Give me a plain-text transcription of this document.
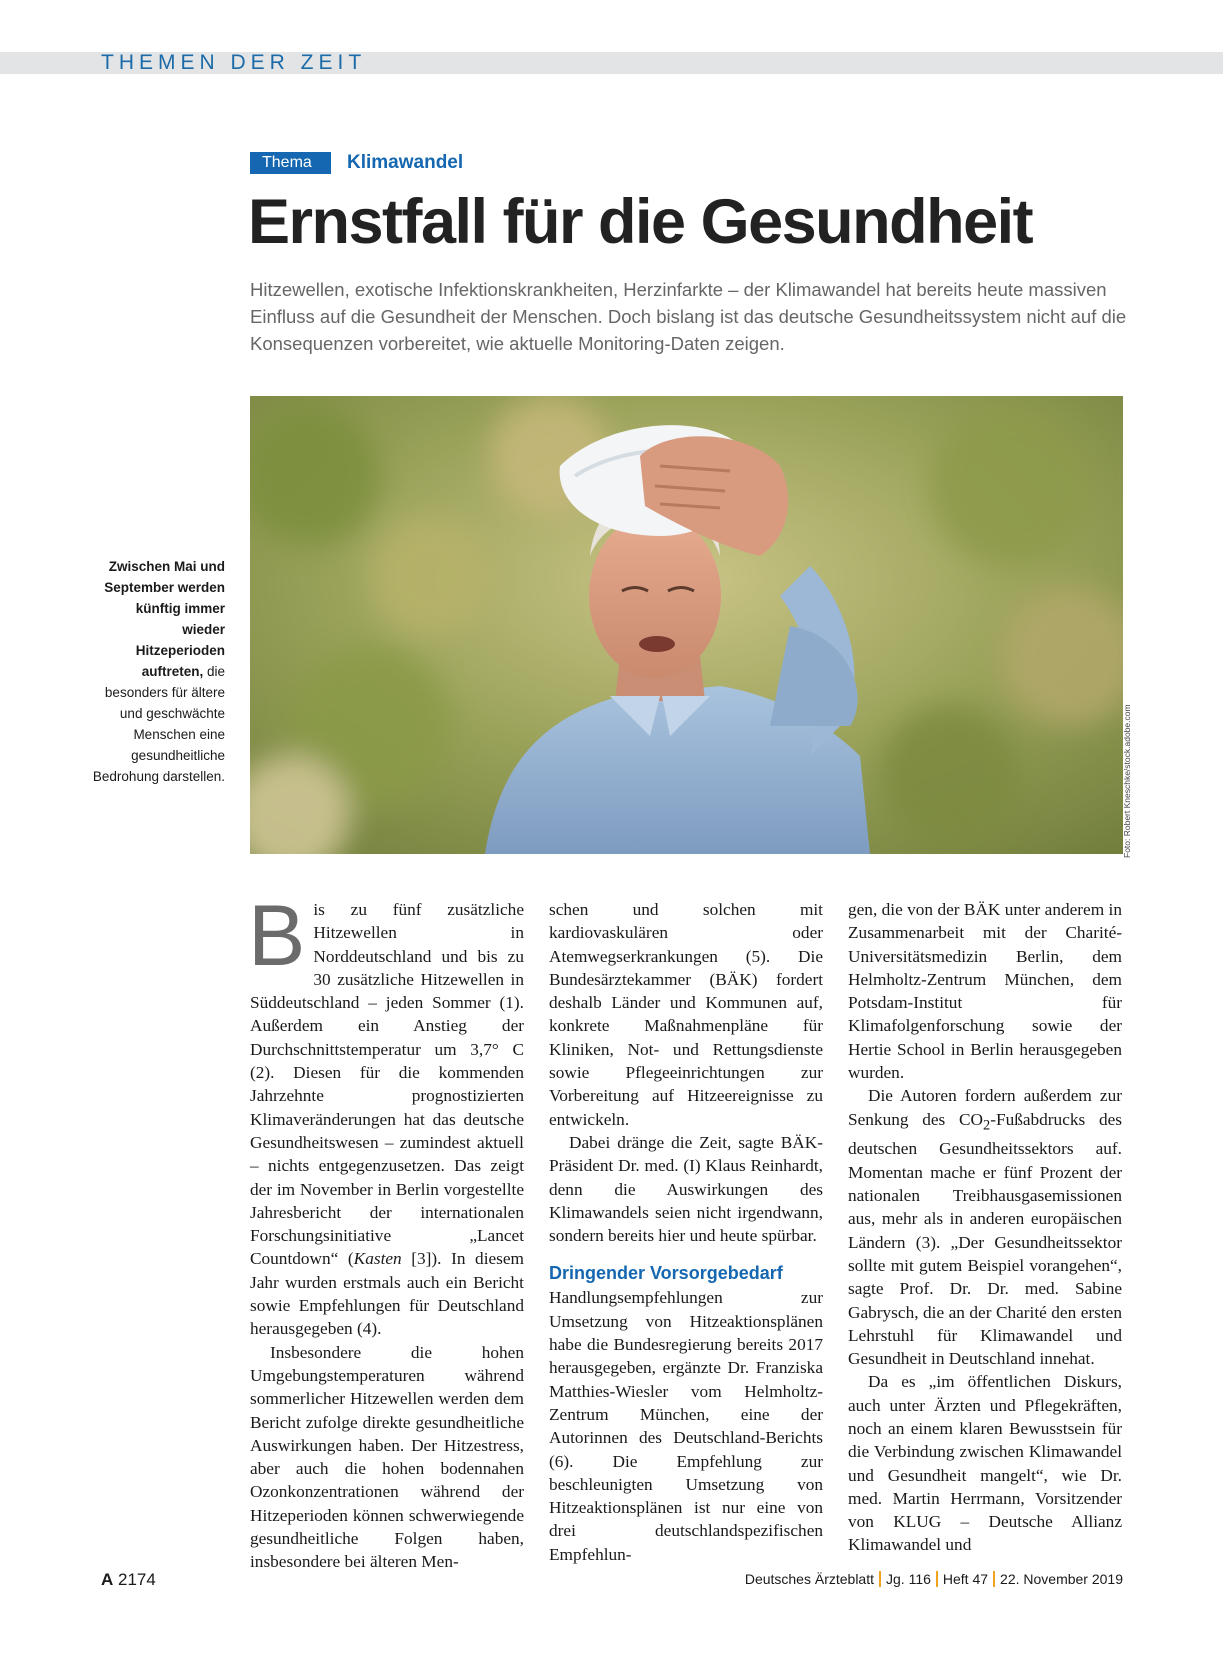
THEMEN DER ZEIT
Thema	Klimawandel
Ernstfall für die Gesundheit

Hitzewellen, exotische Infektionskrankheiten, Herzinfarkte – der Klimawandel hat bereits heute massiven Einfluss auf die Gesundheit der Menschen. Doch bislang ist das deutsche Gesundheitssystem nicht auf die Konsequenzen vorbereitet, wie aktuelle Monitoring-Daten zeigen.

Foto: Robert Kneschke/stock.adobe.com
Zwischen Mai und September werden künftig immer wieder Hitzeperioden auftreten, die besonders für ältere und geschwächte Menschen eine gesundheitliche Bedrohung darstellen.

Bis zu fünf zusätzliche Hitzewellen in Norddeutschland und bis zu 30 zusätzliche Hitzewellen in Süddeutschland – jeden Sommer (1). Außerdem ein Anstieg der Durchschnittstemperatur um 3,7° C (2). Diesen für die kommenden Jahrzehnte prognostizierten Klimaveränderungen hat das deutsche Gesundheitswesen – zumindest aktuell – nichts entgegenzusetzen. Das zeigt der im November in Berlin vorgestellte Jahresbericht der internationalen Forschungsinitiative „Lancet Countdown“ (Kasten [3]). In diesem Jahr wurden erstmals auch ein Bericht sowie Empfehlungen für Deutschland herausgegeben (4).

Insbesondere die hohen Umgebungstemperaturen während sommerlicher Hitzewellen werden dem Bericht zufolge direkte gesundheitliche Auswirkungen haben. Der Hitzestress, aber auch die hohen bodennahen Ozonkonzentrationen während der Hitzeperioden können schwerwiegende gesundheitliche Folgen haben, insbesondere bei älteren Men-

schen und solchen mit kardiovaskulären oder Atemwegserkrankungen (5). Die Bundesärztekammer (BÄK) fordert deshalb Länder und Kommunen auf, konkrete Maßnahmenpläne für Kliniken, Not- und Rettungsdienste sowie Pflegeeinrichtungen zur Vorbereitung auf Hitzeereignisse zu entwickeln.

Dabei dränge die Zeit, sagte BÄK-Präsident Dr. med. (I) Klaus Reinhardt, denn die Auswirkungen des Klimawandels seien nicht irgendwann, sondern bereits hier und heute spürbar.

Dringender Vorsorgebedarf

Handlungsempfehlungen zur Umsetzung von Hitzeaktionsplänen habe die Bundesregierung bereits 2017 herausgegeben, ergänzte Dr. Franziska Matthies-Wiesler vom Helmholtz-Zentrum München, eine der Autorinnen des Deutschland-Berichts (6). Die Empfehlung zur beschleunigten Umsetzung von Hitzeaktionsplänen ist nur eine von drei deutschlandspezifischen Empfehlun-

gen, die von der BÄK unter anderem in Zusammenarbeit mit der Charité-Universitätsmedizin Berlin, dem Helmholtz-Zentrum München, dem Potsdam-Institut für Klimafolgenforschung sowie der Hertie School in Berlin herausgegeben wurden.

Die Autoren fordern außerdem zur Senkung des $CO_2$-Fußabdrucks des deutschen Gesundheitssektors auf. Momentan mache er fünf Prozent der nationalen Treibhausgasemissionen aus, mehr als in anderen europäischen Ländern (3). „Der Gesundheitssektor sollte mit gutem Beispiel vorangehen“, sagte Prof. Dr. Dr. med. Sabine Gabrysch, die an der Charité den ersten Lehrstuhl für Klimawandel und Gesundheit in Deutschland innehat.

Da es „im öffentlichen Diskurs, auch unter Ärzten und Pflegekräften, noch an einem klaren Bewusstsein für die Verbindung zwischen Klimawandel und Gesundheit mangelt“, wie Dr. med. Martin Herrmann, Vorsitzender von KLUG – Deutsche Allianz Klimawandel und

A 2174	Deutsches Ärzteblatt Jg. 116 Heft 47 22. November 2019
